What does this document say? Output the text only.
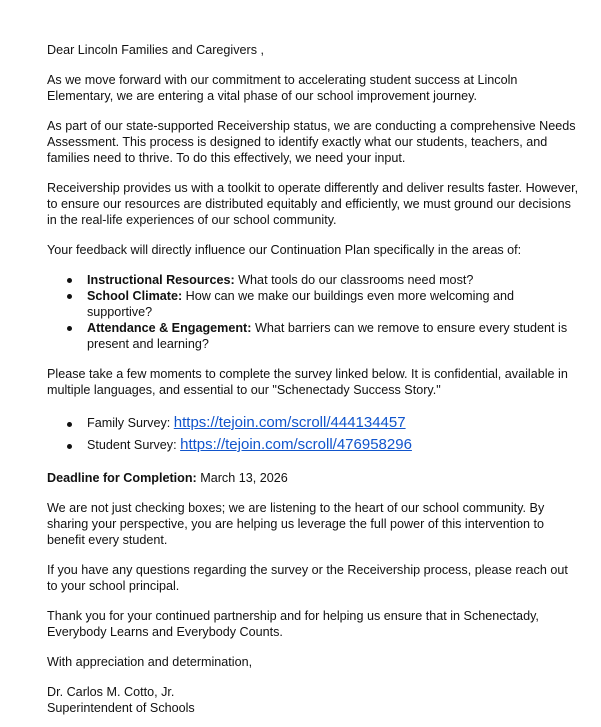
Dear Lincoln Families and Caregivers ,

As we move forward with our commitment to accelerating student success at Lincoln Elementary, we are entering a vital phase of our school improvement journey.

As part of our state-supported Receivership status, we are conducting a comprehensive Needs Assessment. This process is designed to identify exactly what our students, teachers, and families need to thrive. To do this effectively, we need your input.

Receivership provides us with a toolkit to operate differently and deliver results faster. However, to ensure our resources are distributed equitably and efficiently, we must ground our decisions in the real-life experiences of our school community.

Your feedback will directly influence our Continuation Plan specifically in the areas of:

Instructional Resources: What tools do our classrooms need most?
School Climate: How can we make our buildings even more welcoming and supportive?
Attendance & Engagement: What barriers can we remove to ensure every student is present and learning?

Please take a few moments to complete the survey linked below. It is confidential, available in multiple languages, and essential to our "Schenectady Success Story."

Family Survey: https://tejoin.com/scroll/444134457
Student Survey: https://tejoin.com/scroll/476958296

Deadline for Completion: March 13, 2026

We are not just checking boxes; we are listening to the heart of our school community. By sharing your perspective, you are helping us leverage the full power of this intervention to benefit every student.

If you have any questions regarding the survey or the Receivership process, please reach out to your school principal.

Thank you for your continued partnership and for helping us ensure that in Schenectady, Everybody Learns and Everybody Counts.

With appreciation and determination,

Dr. Carlos M. Cotto, Jr.

Superintendent of Schools
